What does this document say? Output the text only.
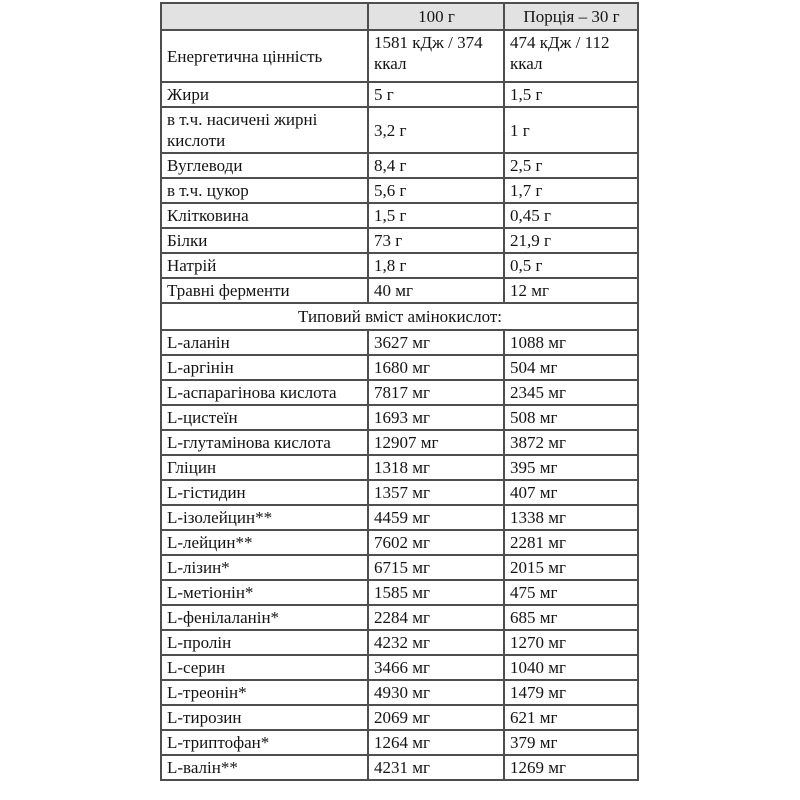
	100 г	Порція – 30 г
Енергетична цінність	1581 кДж / 374 ккал	474 кДж / 112 ккал
Жири	5 г	1,5 г
в т.ч. насичені жирні кислоти	3,2 г	1 г
Вуглеводи	8,4 г	2,5 г
в т.ч. цукор	5,6 г	1,7 г
Клітковина	1,5 г	0,45 г
Білки	73 г	21,9 г
Натрій	1,8 г	0,5 г
Травні ферменти	40 мг	12 мг
Типовий вміст амінокислот:		
L-аланін	3627 мг	1088 мг
L-аргінін	1680 мг	504 мг
L-аспарагінова кислота	7817 мг	2345 мг
L-цистеїн	1693 мг	508 мг
L-глутамінова кислота	12907 мг	3872 мг
Гліцин	1318 мг	395 мг
L-гістидин	1357 мг	407 мг
L-ізолейцин**	4459 мг	1338 мг
L-лейцин**	7602 мг	2281 мг
L-лізин*	6715 мг	2015 мг
L-метіонін*	1585 мг	475 мг
L-фенілаланін*	2284 мг	685 мг
L-пролін	4232 мг	1270 мг
L-серин	3466 мг	1040 мг
L-треонін*	4930 мг	1479 мг
L-тирозин	2069 мг	621 мг
L-триптофан*	1264 мг	379 мг
L-валін**	4231 мг	1269 мг
